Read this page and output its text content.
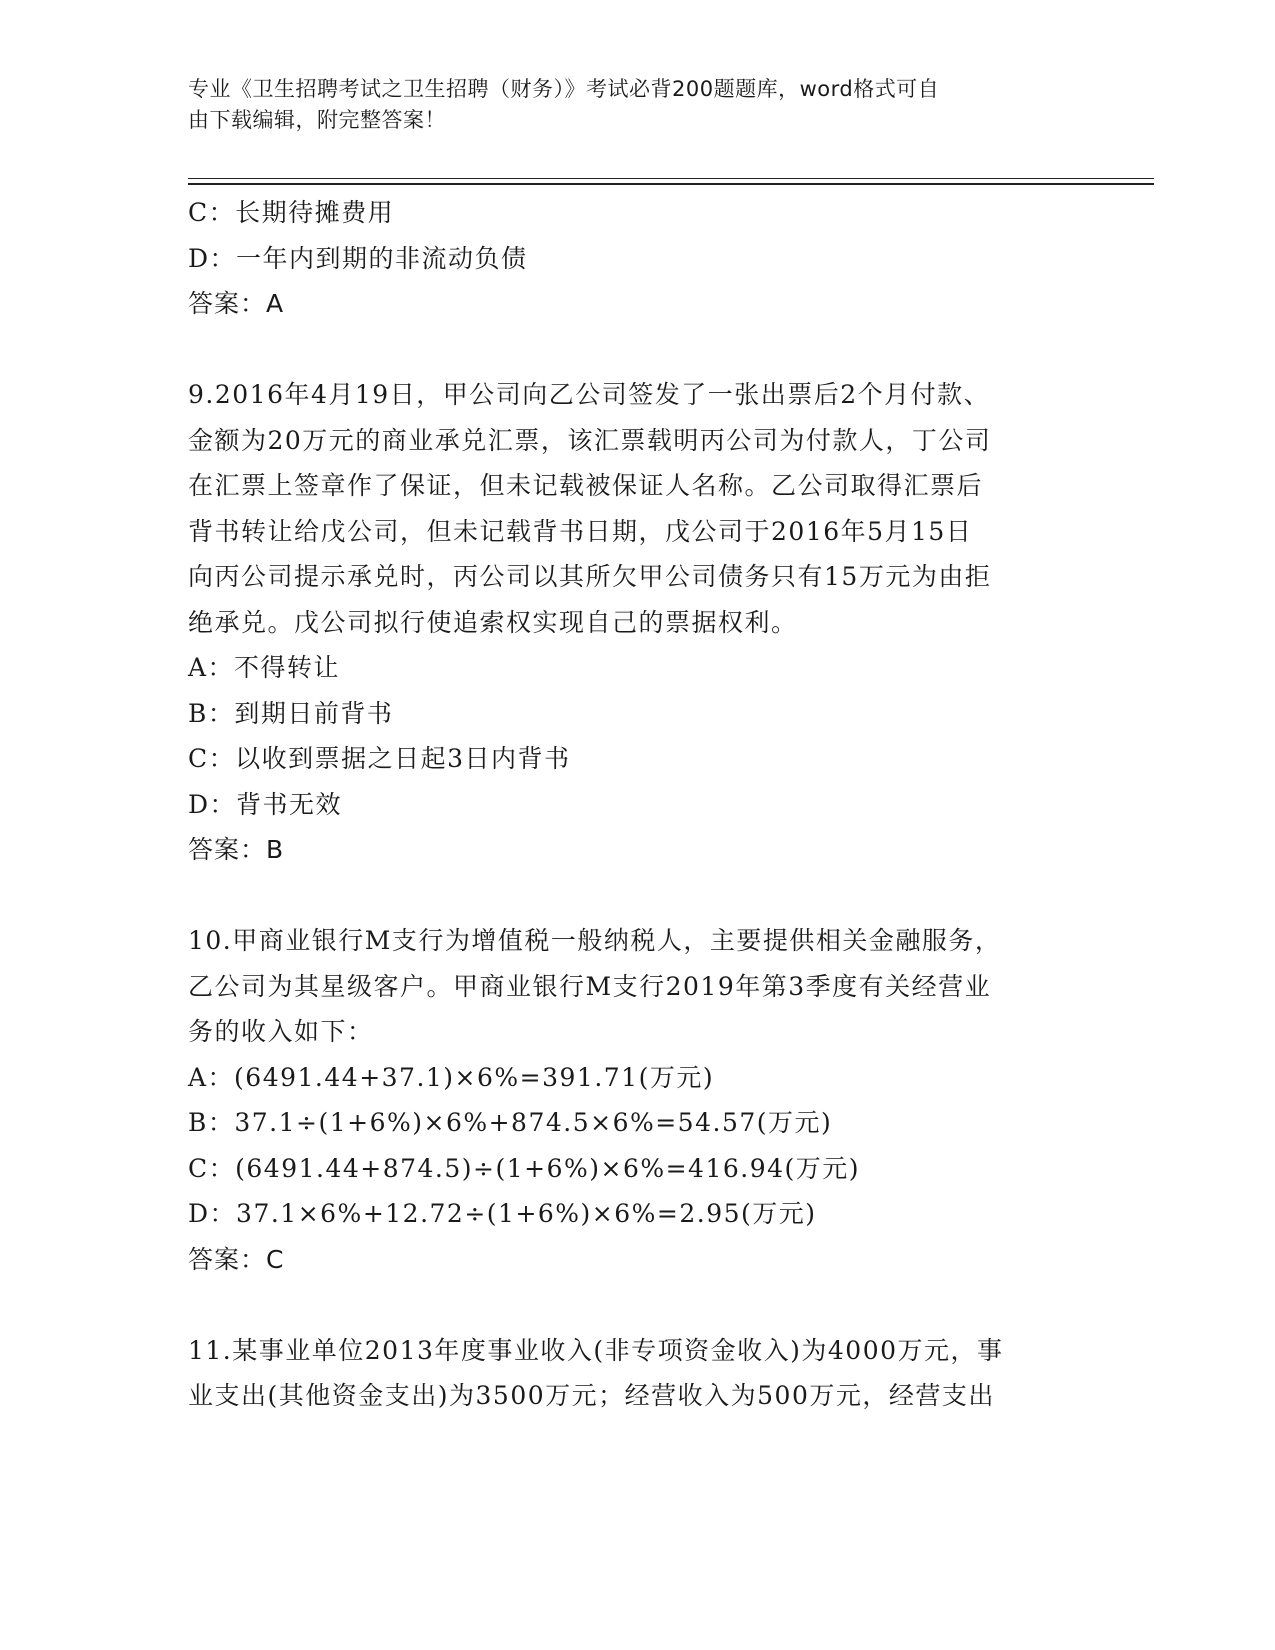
专业《卫生招聘考试之卫生招聘（财务）》考试必背200题题库，word格式可自
由下载编辑，附完整答案！
C：长期待摊费用
D：一年内到期的非流动负债
答案：A
9.2016年4月19日，甲公司向乙公司签发了一张出票后2个月付款、
金额为20万元的商业承兑汇票，该汇票载明丙公司为付款人，丁公司
在汇票上签章作了保证，但未记载被保证人名称。乙公司取得汇票后
背书转让给戊公司，但未记载背书日期，戊公司于2016年5月15日
向丙公司提示承兑时，丙公司以其所欠甲公司债务只有15万元为由拒
绝承兑。戊公司拟行使追索权实现自己的票据权利。
A：不得转让
B：到期日前背书
C：以收到票据之日起3日内背书
D：背书无效
答案：B
10.甲商业银行M支行为增值税一般纳税人，主要提供相关金融服务，
乙公司为其星级客户。甲商业银行M支行2019年第3季度有关经营业
务的收入如下：
A：(6491.44+37.1)×6%=391.71(万元)
B：37.1÷(1+6%)×6%+874.5×6%=54.57(万元)
C：(6491.44+874.5)÷(1+6%)×6%=416.94(万元)
D：37.1×6%+12.72÷(1+6%)×6%=2.95(万元)
答案：C
11.某事业单位2013年度事业收入(非专项资金收入)为4000万元，事
业支出(其他资金支出)为3500万元；经营收入为500万元，经营支出
